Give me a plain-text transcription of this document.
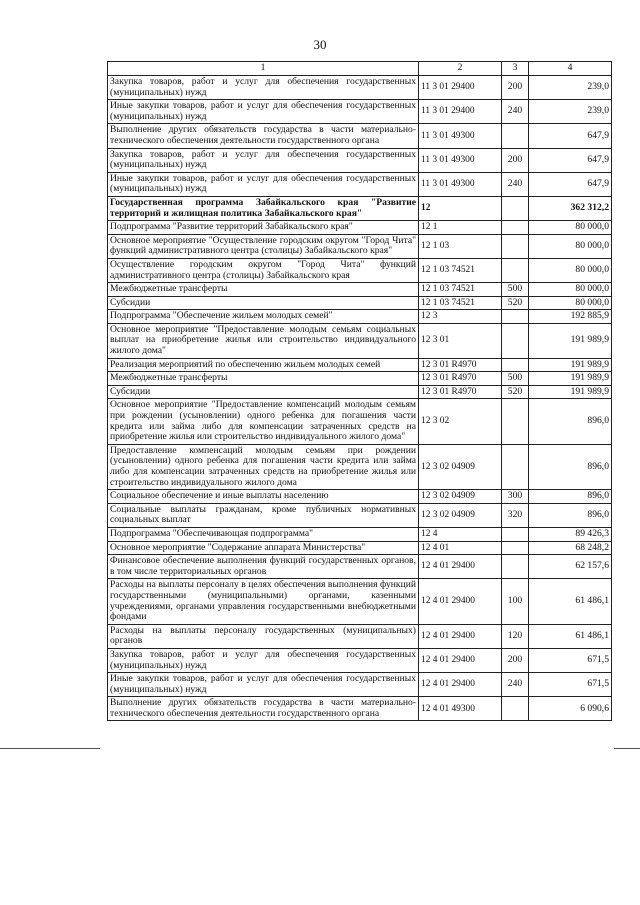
30
1	2	3	4
Закупка товаров, работ и услуг для обеспечения государственных (муниципальных) нужд	11 3 01 29400	200	239,0
Иные закупки товаров, работ и услуг для обеспечения государственных (муниципальных) нужд	11 3 01 29400	240	239,0
Выполнение других обязательств государства в части материально-технического обеспечения деятельности государственного органа	11 3 01 49300		647,9
Закупка товаров, работ и услуг для обеспечения государственных (муниципальных) нужд	11 3 01 49300	200	647,9
Иные закупки товаров, работ и услуг для обеспечения государственных (муниципальных) нужд	11 3 01 49300	240	647,9
Государственная программа Забайкальского края "Развитие территорий и жилищная политика Забайкальского края"	12		362 312,2
Подпрограмма "Развитие территорий Забайкальского края"	12 1		80 000,0
Основное мероприятие "Осуществление городским округом "Город Чита" функций административного центра (столицы) Забайкальского края"	12 1 03		80 000,0
Осуществление городским округом "Город Чита" функций административного центра (столицы) Забайкальского края	12 1 03 74521		80 000,0
Межбюджетные трансферты	12 1 03 74521	500	80 000,0
Субсидии	12 1 03 74521	520	80 000,0
Подпрограмма "Обеспечение жильем молодых семей"	12 3		192 885,9
Основное мероприятие "Предоставление молодым семьям социальных выплат на приобретение жилья или строительство индивидуального жилого дома"	12 3 01		191 989,9
Реализация мероприятий по обеспечению жильем молодых семей	12 3 01 R4970		191 989,9
Межбюджетные трансферты	12 3 01 R4970	500	191 989,9
Субсидии	12 3 01 R4970	520	191 989,9
Основное мероприятие "Предоставление компенсаций молодым семьям при рождении (усыновлении) одного ребенка для погашения части кредита или займа либо для компенсации затраченных средств на приобретение жилья или строительство индивидуального жилого дома"	12 3 02		896,0
Предоставление компенсаций молодым семьям при рождении (усыновлении) одного ребенка для погашения части кредита или займа либо для компенсации затраченных средств на приобретение жилья или строительство индивидуального жилого дома	12 3 02 04909		896,0
Социальное обеспечение и иные выплаты населению	12 3 02 04909	300	896,0
Социальные выплаты гражданам, кроме публичных нормативных социальных выплат	12 3 02 04909	320	896,0
Подпрограмма "Обеспечивающая подпрограмма"	12 4		89 426,3
Основное мероприятие "Содержание аппарата Министерства"	12 4 01		68 248,2
Финансовое обеспечение выполнения функций государственных органов, в том числе территориальных органов	12 4 01 29400		62 157,6
Расходы на выплаты персоналу в целях обеспечения выполнения функций государственными (муниципальными) органами, казенными учреждениями, органами управления государственными внебюджетными фондами	12 4 01 29400	100	61 486,1
Расходы на выплаты персоналу государственных (муниципальных) органов	12 4 01 29400	120	61 486,1
Закупка товаров, работ и услуг для обеспечения государственных (муниципальных) нужд	12 4 01 29400	200	671,5
Иные закупки товаров, работ и услуг для обеспечения государственных (муниципальных) нужд	12 4 01 29400	240	671,5
Выполнение других обязательств государства в части материально-технического обеспечения деятельности государственного органа	12 4 01 49300		6 090,6
